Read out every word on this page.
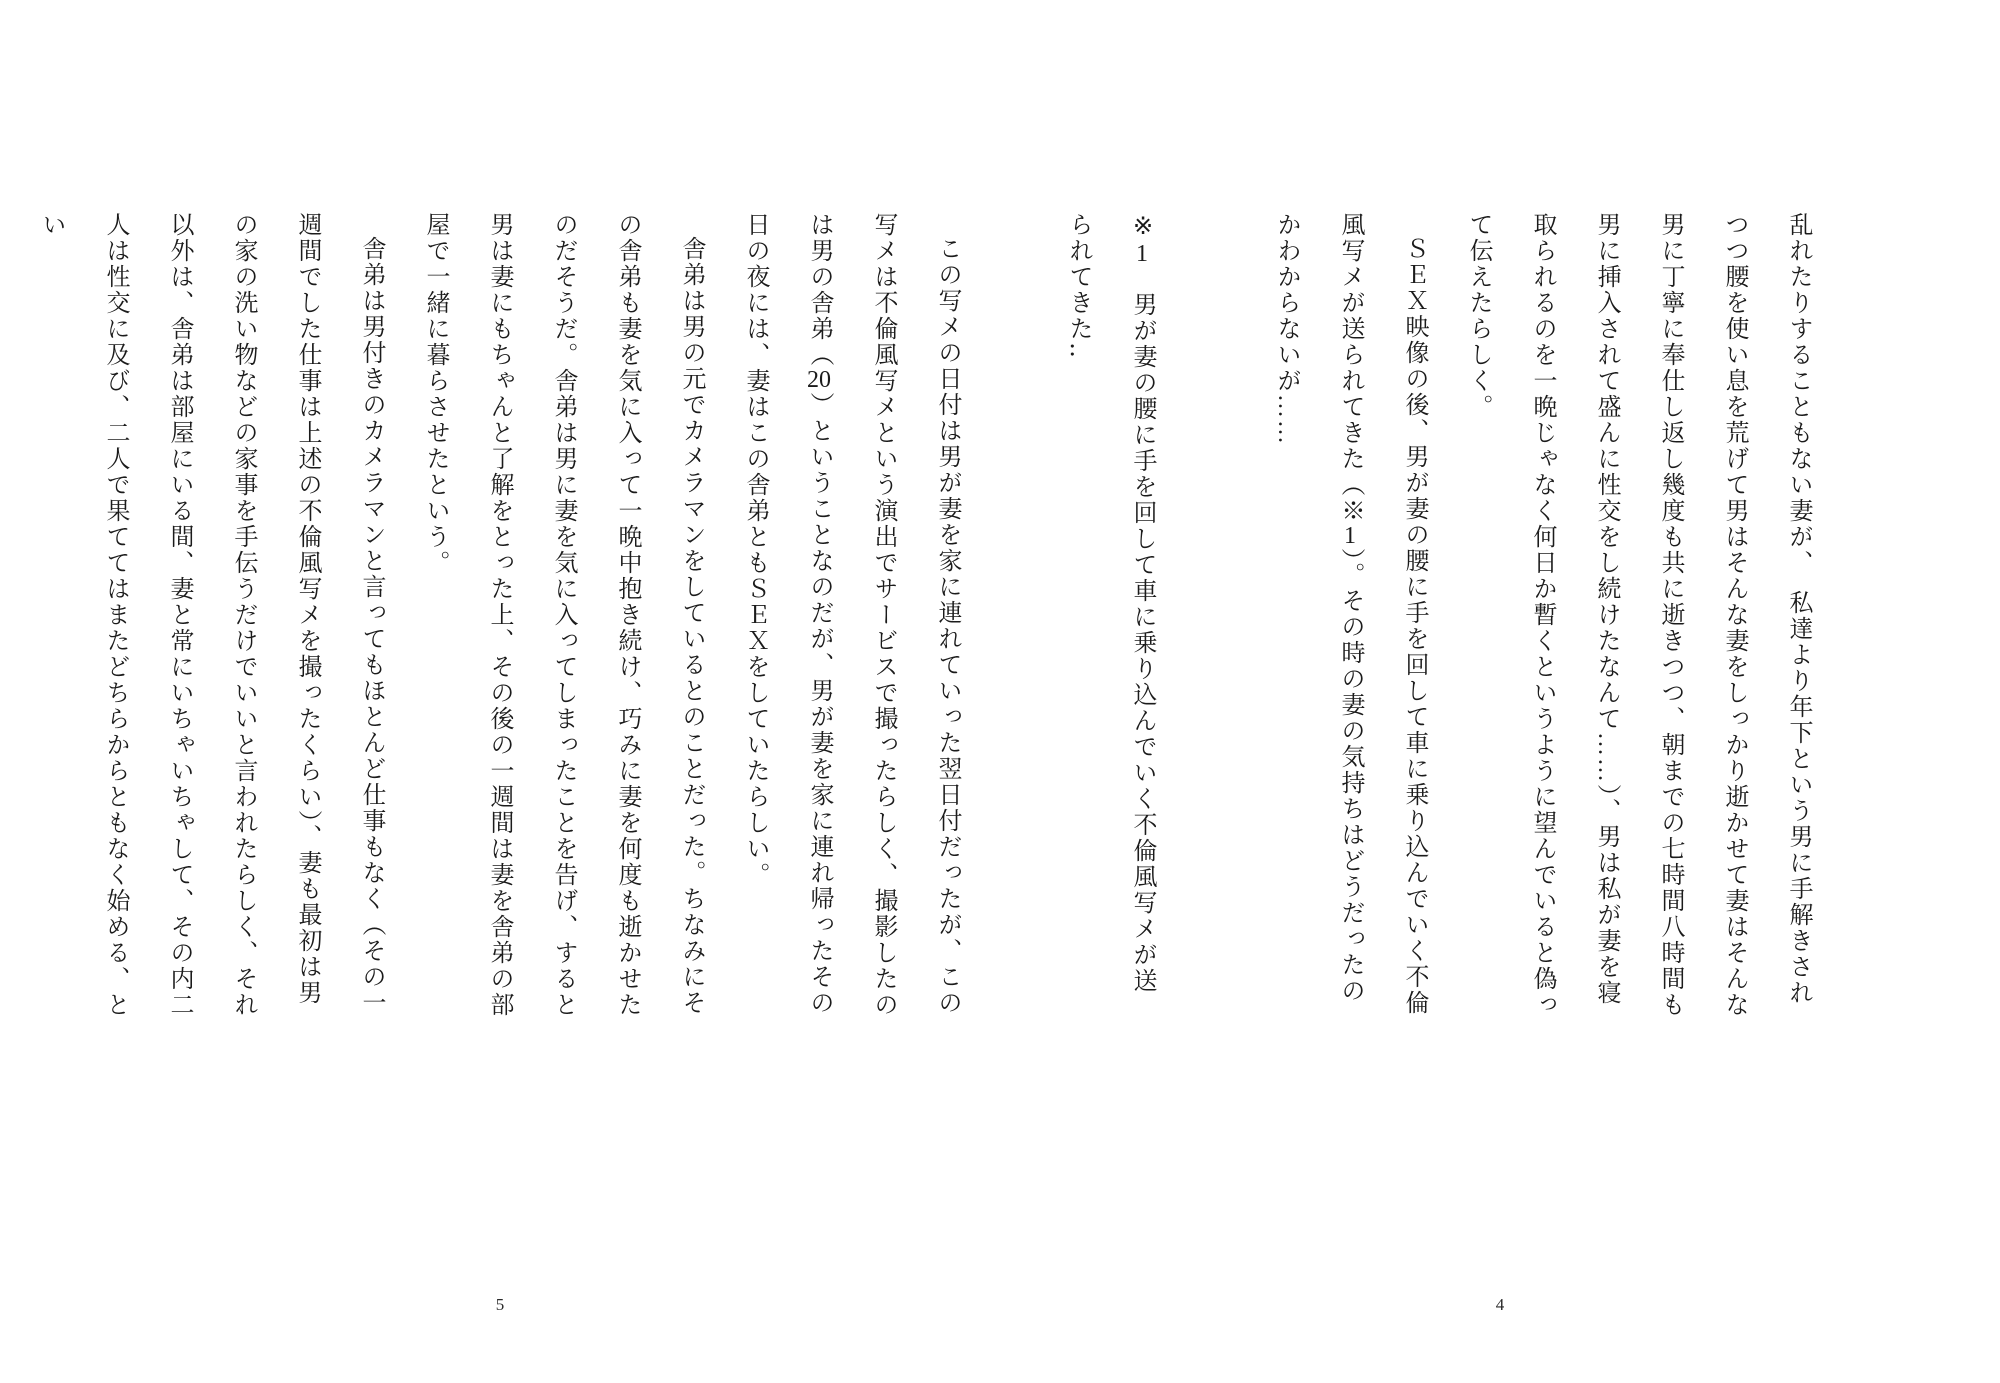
乱れたりすることもない妻が、　私達より年下という男に手解きされつつ腰を使い息を荒げて男はそんな妻をしっかり逝かせて妻はそんな男に丁寧に奉仕し返し幾度も共に逝きつつ、朝までの七時間八時間も男に挿入されて盛んに性交をし続けたなんて……）、男は私が妻を寝取られるのを一晩じゃなく何日か暫くというように望んでいると偽って伝えたらしく。

ＳＥＸ映像の後、男が妻の腰に手を回して車に乗り込んでいく不倫風写メが送られてきた（※1）。その時の妻の気持ちはどうだったのかわからないが……

※1　男が妻の腰に手を回して車に乗り込んでいく不倫風写メが送られてきた‥

4

この写メの日付は男が妻を家に連れていった翌日付だったが、この写メは不倫風写メという演出でサービスで撮ったらしく、撮影したのは男の舎弟（20）ということなのだが、男が妻を家に連れ帰ったその日の夜には、妻はこの舎弟ともＳＥＸをしていたらしい。

舎弟は男の元でカメラマンをしているとのことだった。ちなみにその舎弟も妻を気に入って一晩中抱き続け、巧みに妻を何度も逝かせたのだそうだ。舎弟は男に妻を気に入ってしまったことを告げ、すると男は妻にもちゃんと了解をとった上、その後の一週間は妻を舎弟の部屋で一緒に暮らさせたという。

舎弟は男付きのカメラマンと言ってもほとんど仕事もなく（その一週間でした仕事は上述の不倫風写メを撮ったくらい）、妻も最初は男の家の洗い物などの家事を手伝うだけでいいと言われたらしく、それ以外は、舎弟は部屋にいる間、妻と常にいちゃいちゃして、その内二人は性交に及び、二人で果ててはまたどちらからともなく始める、とい

5
